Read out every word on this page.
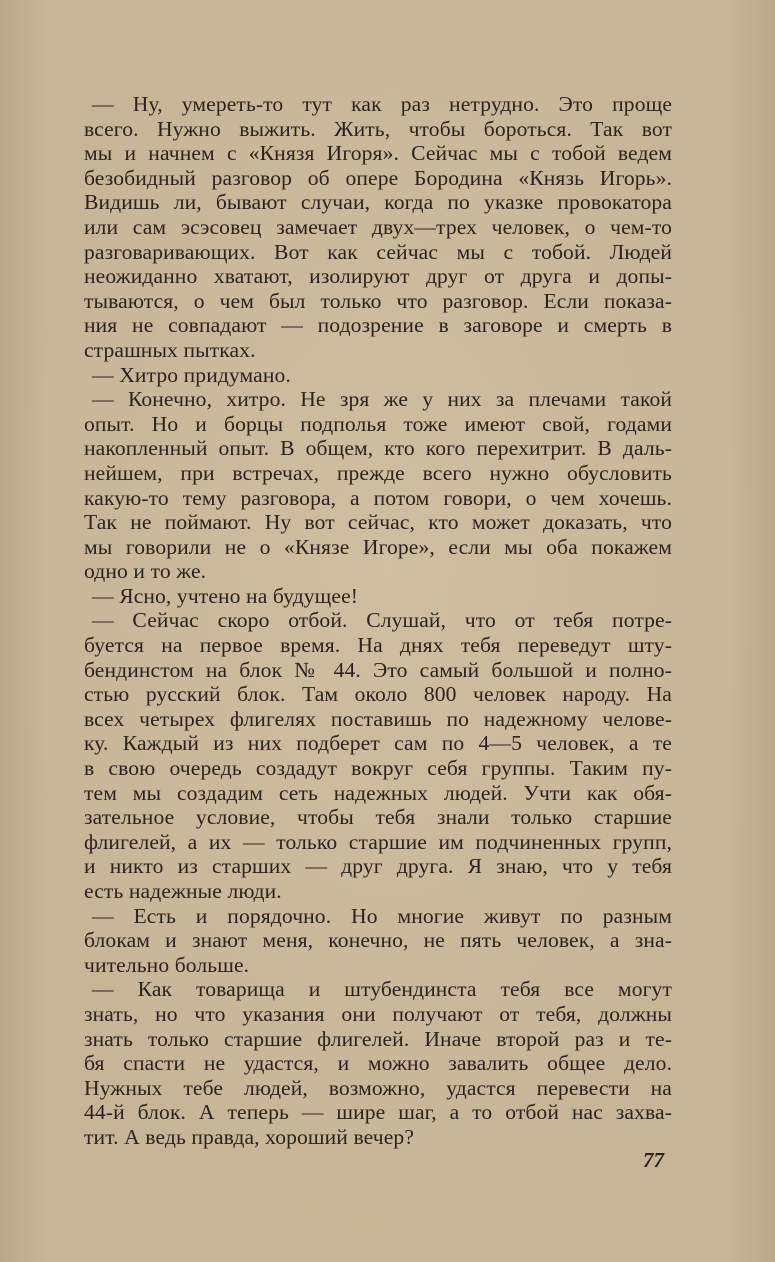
— Ну, умереть-то тут как раз нетрудно. Это проще
всего. Нужно выжить. Жить, чтобы бороться. Так вот
мы и начнем с «Князя Игоря». Сейчас мы с тобой ведем
безобидный разговор об опере Бородина «Князь Игорь».
Видишь ли, бывают случаи, когда по указке провокатора
или сам эсэсовец замечает двух—трех человек, о чем-то
разговаривающих. Вот как сейчас мы с тобой. Людей
неожиданно хватают, изолируют друг от друга и допы-
тываются, о чем был только что разговор. Если показа-
ния не совпадают — подозрение в заговоре и смерть в
страшных пытках.

— Хитро придумано.

— Конечно, хитро. Не зря же у них за плечами такой
опыт. Но и борцы подполья тоже имеют свой, годами
накопленный опыт. В общем, кто кого перехитрит. В даль-
нейшем, при встречах, прежде всего нужно обусловить
какую-то тему разговора, а потом говори, о чем хочешь.
Так не поймают. Ну вот сейчас, кто может доказать, что
мы говорили не о «Князе Игоре», если мы оба покажем
одно и то же.

— Ясно, учтено на будущее!

— Сейчас скоро отбой. Слушай, что от тебя потре-
буется на первое время. На днях тебя переведут шту-
бендинстом на блок № 44. Это самый большой и полно-
стью русский блок. Там около 800 человек народу. На
всех четырех флигелях поставишь по надежному челове-
ку. Каждый из них подберет сам по 4—5 человек, а те
в свою очередь создадут вокруг себя группы. Таким пу-
тем мы создадим сеть надежных людей. Учти как обя-
зательное условие, чтобы тебя знали только старшие
флигелей, а их — только старшие им подчиненных групп,
и никто из старших — друг друга. Я знаю, что у тебя
есть надежные люди.

— Есть и порядочно. Но многие живут по разным
блокам и знают меня, конечно, не пять человек, а зна-
чительно больше.

— Как товарища и штубендинста тебя все могут
знать, но что указания они получают от тебя, должны
знать только старшие флигелей. Иначе второй раз и те-
бя спасти не удастся, и можно завалить общее дело.
Нужных тебе людей, возможно, удастся перевести на
44-й блок. А теперь — шире шаг, а то отбой нас захва-
тит. А ведь правда, хороший вечер?

77
